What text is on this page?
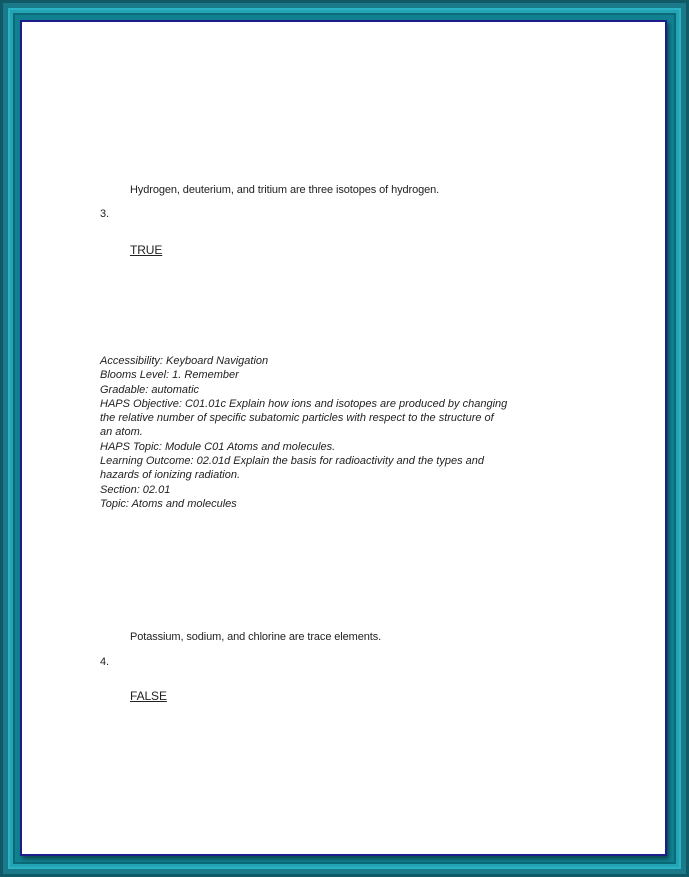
Hydrogen, deuterium, and tritium are three isotopes of hydrogen.
3.
TRUE
Accessibility: Keyboard Navigation
Blooms Level: 1. Remember
Gradable: automatic
HAPS Objective: C01.01c Explain how ions and isotopes are produced by changing
the relative number of specific subatomic particles with respect to the structure of
an atom.
HAPS Topic: Module C01 Atoms and molecules.
Learning Outcome: 02.01d Explain the basis for radioactivity and the types and
hazards of ionizing radiation.
Section: 02.01
Topic: Atoms and molecules
Potassium, sodium, and chlorine are trace elements.
4.
FALSE
